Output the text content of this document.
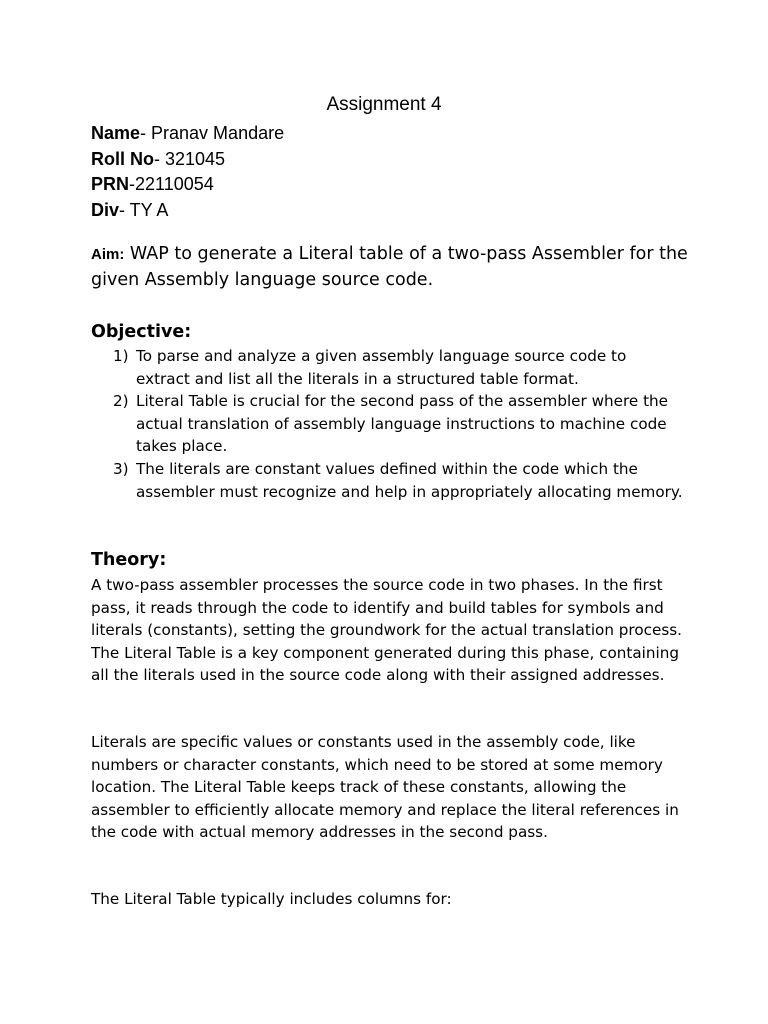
Assignment 4
Name- Pranav Mandare
Roll No- 321045
PRN-22110054
Div- TY A
Aim: WAP to generate a Literal table of a two-pass Assembler for the given Assembly language source code.
Objective:
1) To parse and analyze a given assembly language source code to extract and list all the literals in a structured table format.
2) Literal Table is crucial for the second pass of the assembler where the actual translation of assembly language instructions to machine code takes place.
3) The literals are constant values defined within the code which the assembler must recognize and help in appropriately allocating memory.
Theory:

A two-pass assembler processes the source code in two phases. In the first pass, it reads through the code to identify and build tables for symbols and literals (constants), setting the groundwork for the actual translation process. The Literal Table is a key component generated during this phase, containing all the literals used in the source code along with their assigned addresses.

Literals are specific values or constants used in the assembly code, like numbers or character constants, which need to be stored at some memory location. The Literal Table keeps track of these constants, allowing the assembler to efficiently allocate memory and replace the literal references in the code with actual memory addresses in the second pass.

The Literal Table typically includes columns for:
